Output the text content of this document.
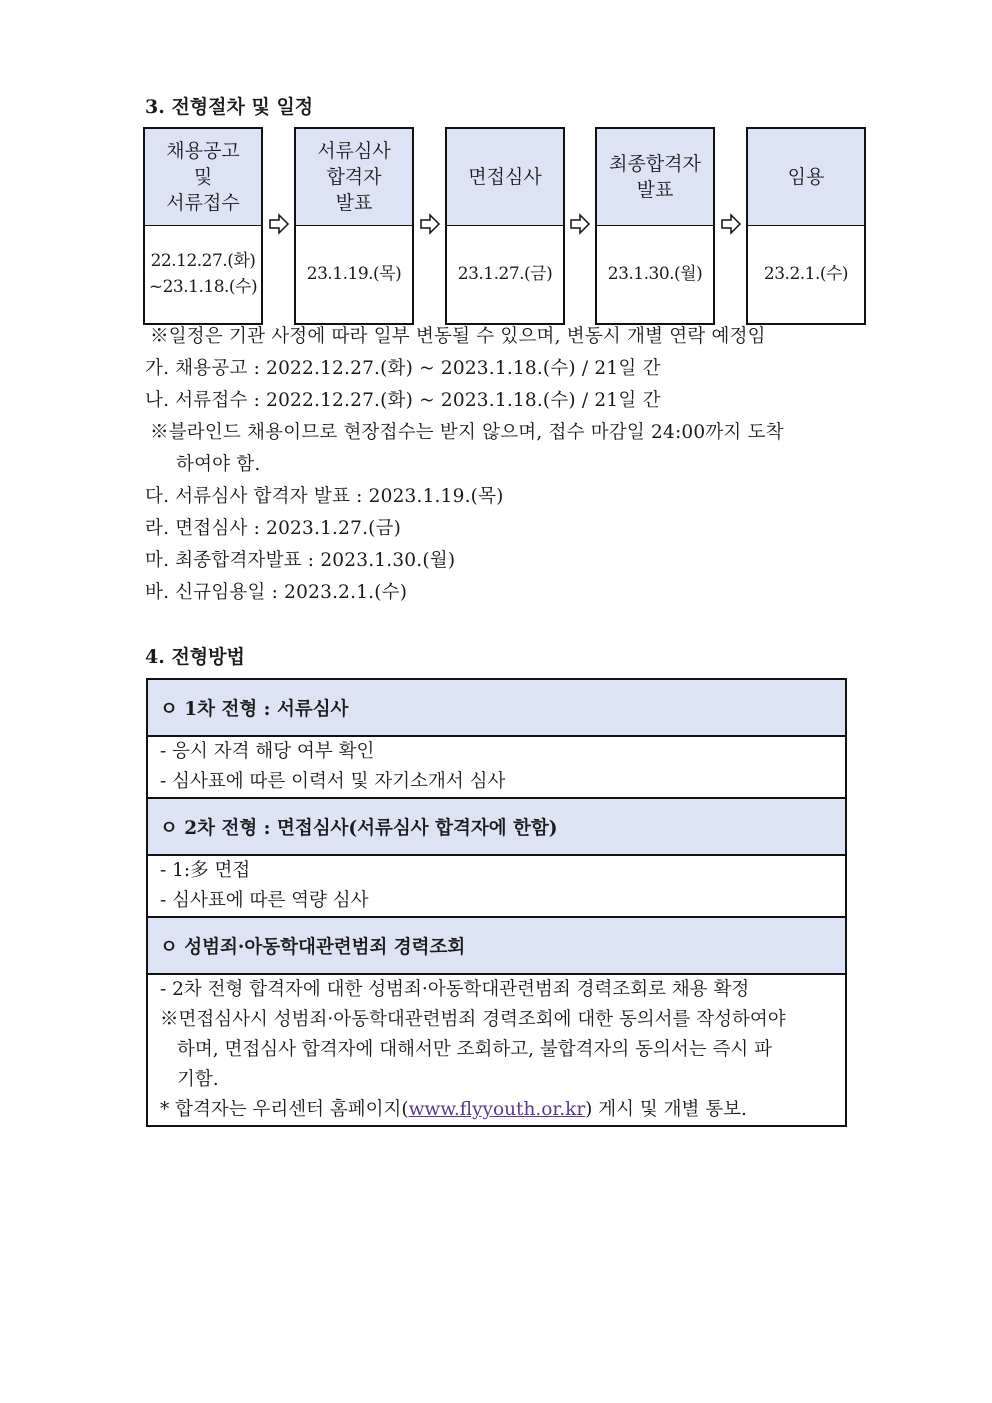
3. 전형절차 및 일정
채용공고
및
서류접수
22.12.27.(화)
~23.1.18.(수)
서류심사
합격자
발표
23.1.19.(목)
면접심사
23.1.27.(금)
최종합격자
발표
23.1.30.(월)
임용
23.2.1.(수)
※일정은 기관 사정에 따라 일부 변동될 수 있으며, 변동시 개별 연락 예정임
가. 채용공고 : 2022.12.27.(화) ~ 2023.1.18.(수) / 21일 간
나. 서류접수 : 2022.12.27.(화) ~ 2023.1.18.(수) / 21일 간
※블라인드 채용이므로 현장접수는 받지 않으며, 접수 마감일 24:00까지 도착
하여야 함.
다. 서류심사 합격자 발표 : 2023.1.19.(목)
라. 면접심사 : 2023.1.27.(금)
마. 최종합격자발표 : 2023.1.30.(월)
바. 신규임용일 : 2023.2.1.(수)
4. 전형방법
ㅇ 1차 전형 : 서류심사

- 응시 자격 해당 여부 확인
- 심사표에 따른 이력서 및 자기소개서 심사

ㅇ 2차 전형 : 면접심사(서류심사 합격자에 한함)

- 1:多 면접
- 심사표에 따른 역량 심사

ㅇ 성범죄·아동학대관련범죄 경력조회

- 2차 전형 합격자에 대한 성범죄·아동학대관련범죄 경력조회로 채용 확정
※면접심사시 성범죄·아동학대관련범죄 경력조회에 대한 동의서를 작성하여야
하며, 면접심사 합격자에 대해서만 조회하고, 불합격자의 동의서는 즉시 파
기함.
* 합격자는 우리센터 홈페이지(www.flyyouth.or.kr) 게시 및 개별 통보.
